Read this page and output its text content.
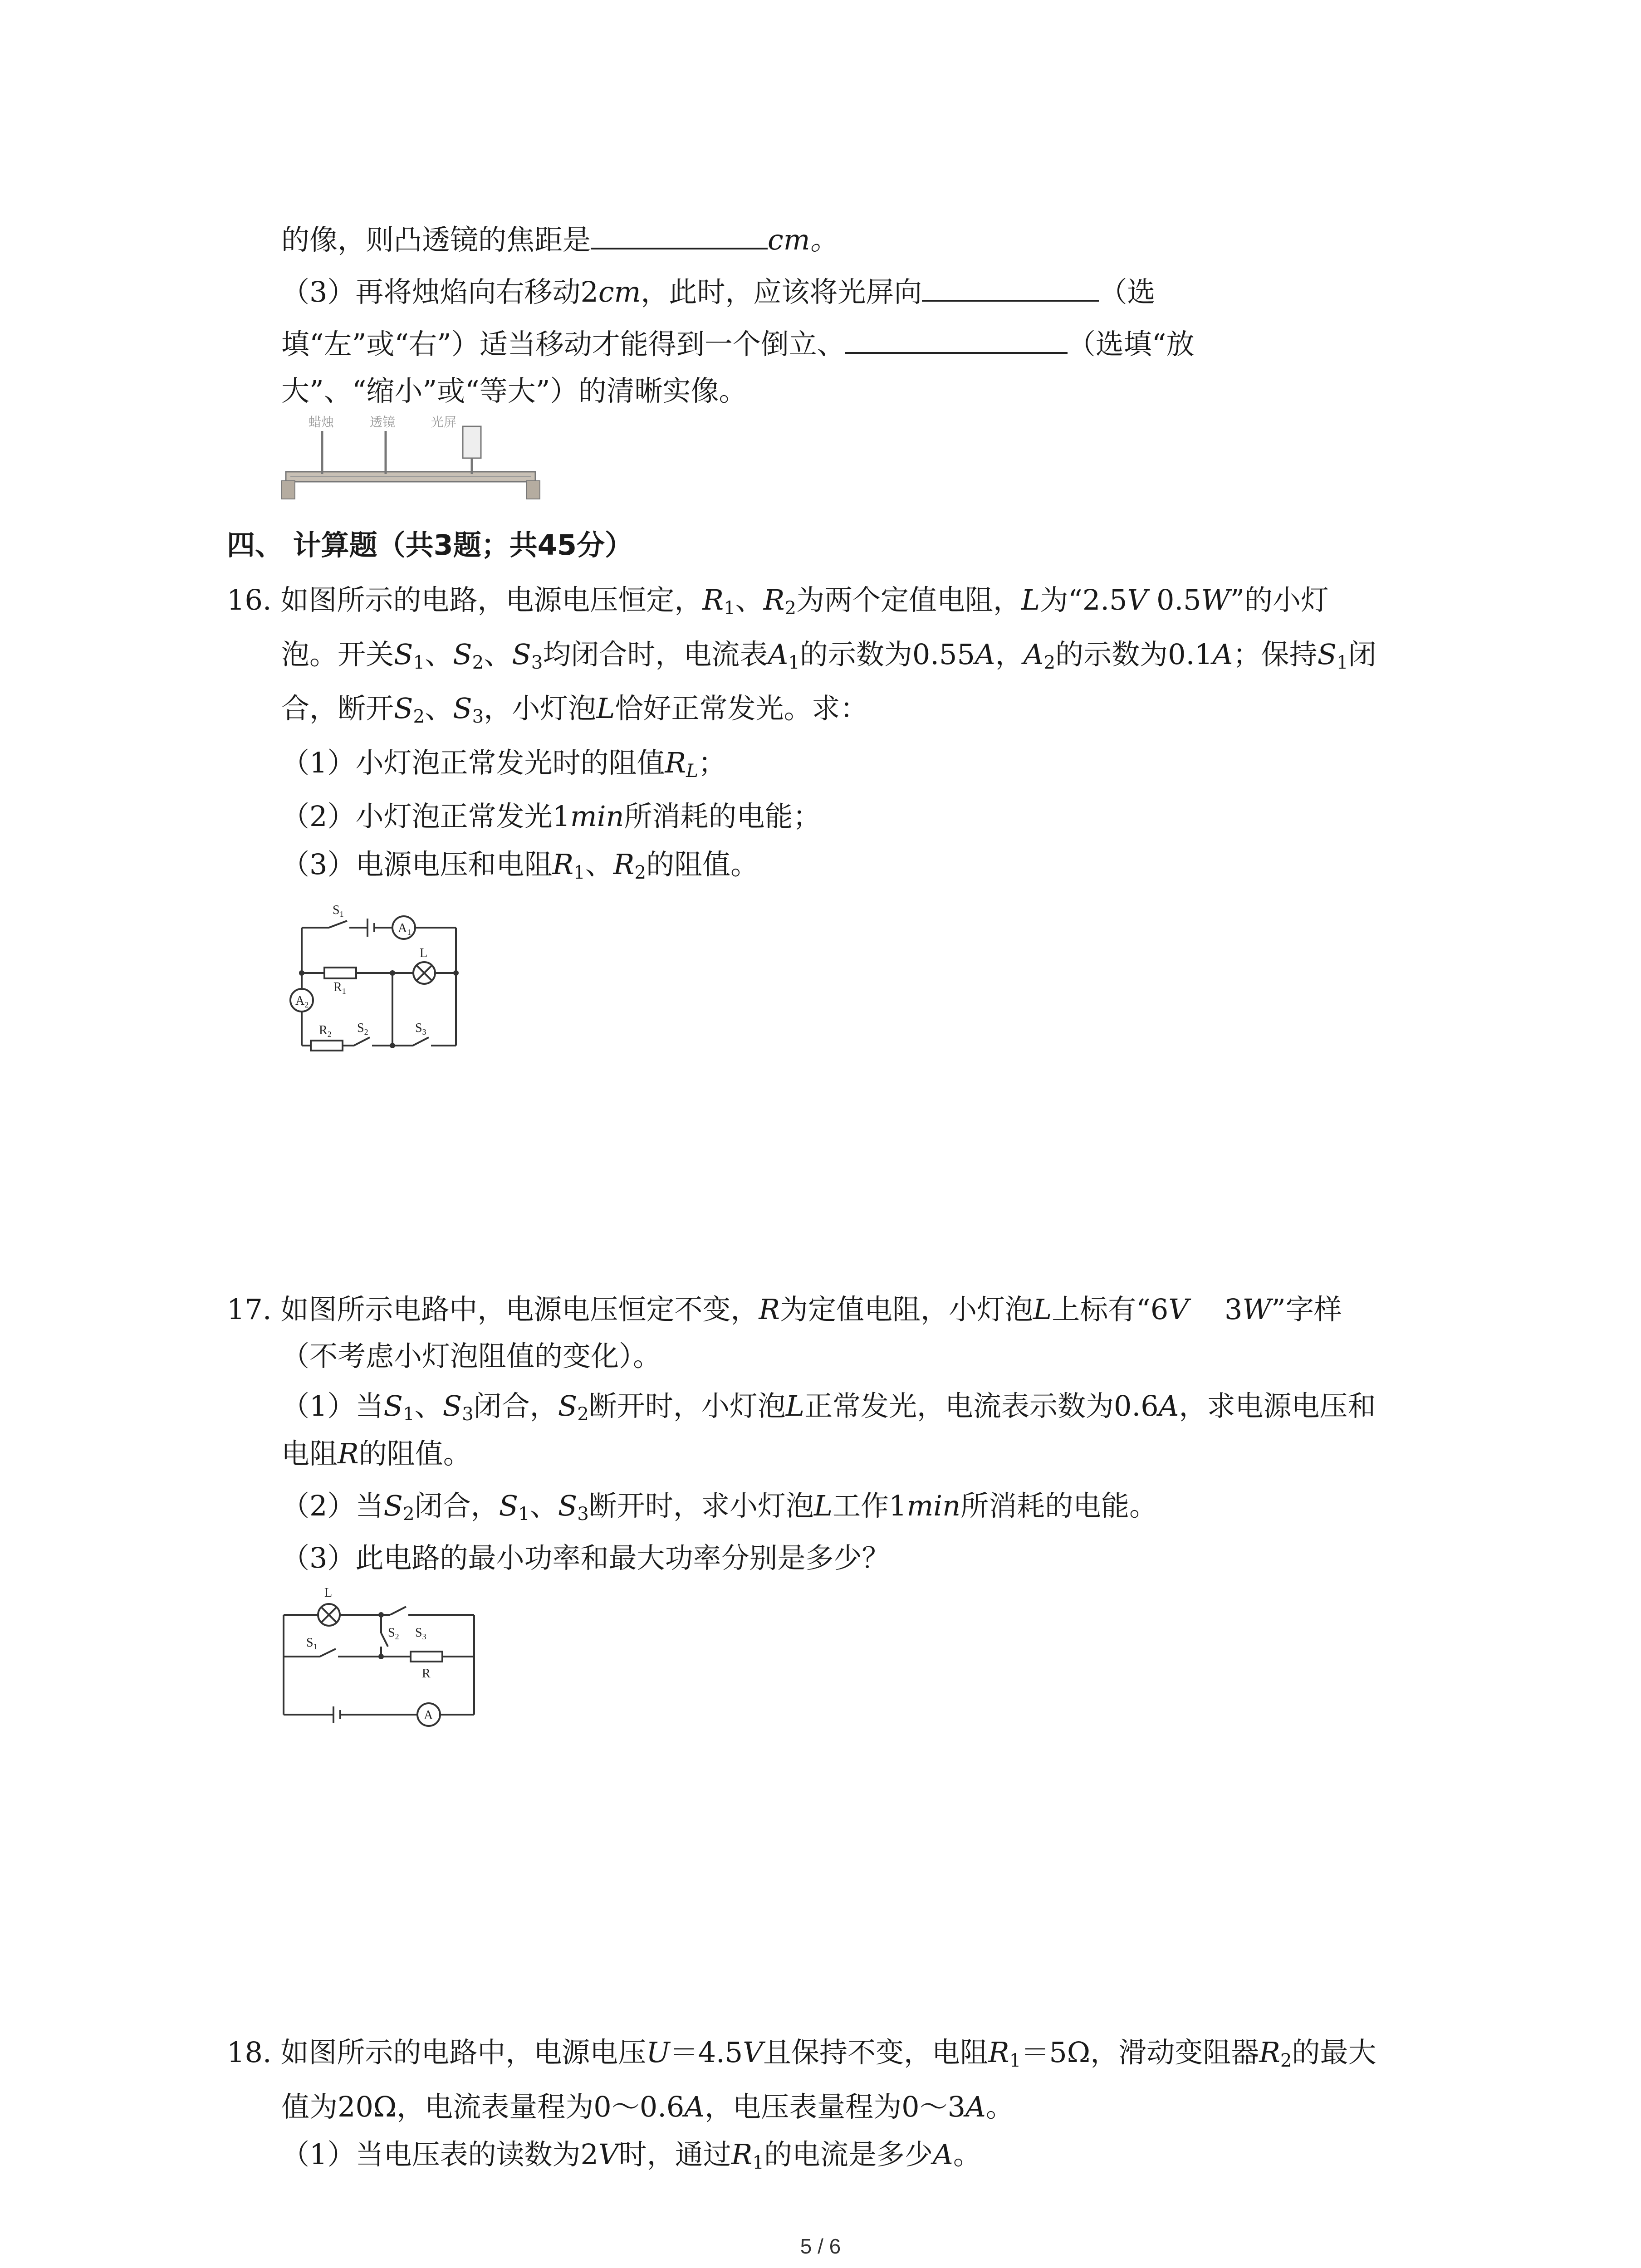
的像，则凸透镜的焦距是	cm。
（3）再将烛焰向右移动2cm，此时，应该将光屏向	（选
填“左”或“右”）适当移动才能得到一个倒立、	（选填“放
大”、“缩小”或“等大”）的清晰实像。
蜡烛	透镜	光屏
四、 计算题（共3题；共45分）
16. 如图所示的电路，电源电压恒定，$R_1$、$R_2$为两个定值电阻，L为“2.5V 0.5W”的小灯
泡。开关$S_1$、$S_2$、$S_3$均闭合时，电流表$A_1$的示数为0.55A，$A_2$的示数为0.1A；保持$S_1$闭
合，断开$S_2$、$S_3$，小灯泡L恰好正常发光。求：
（1）小灯泡正常发光时的阻值$R_L$；
（2）小灯泡正常发光1min所消耗的电能；
（3）电源电压和电阻$R_1$、$R_2$的阻值。
$S_1$
$A_1$
L
$R_1$
$A_2$
$R_2$ $S_2$	$S_3$
17. 如图所示电路中，电源电压恒定不变，R为定值电阻，小灯泡L上标有“6V    3W”字样
（不考虑小灯泡阻值的变化）。
（1）当$S_1$、$S_3$闭合，$S_2$断开时，小灯泡L正常发光，电流表示数为0.6A，求电源电压和
电阻R的阻值。
（2）当$S_2$闭合，$S_1$、$S_3$断开时，求小灯泡L工作1min所消耗的电能。
（3）此电路的最小功率和最大功率分别是多少？
L
$S_1$
$S_2$ $S_3$
R
A
18. 如图所示的电路中，电源电压U＝4.5V且保持不变，电阻$R_1=5\Omega$，滑动变阻器$R_2$的最大
值为20Ω，电流表量程为0～0.6A，电压表量程为0～3A。
（1）当电压表的读数为2V时，通过$R_1$的电流是多少A。
5 / 6
